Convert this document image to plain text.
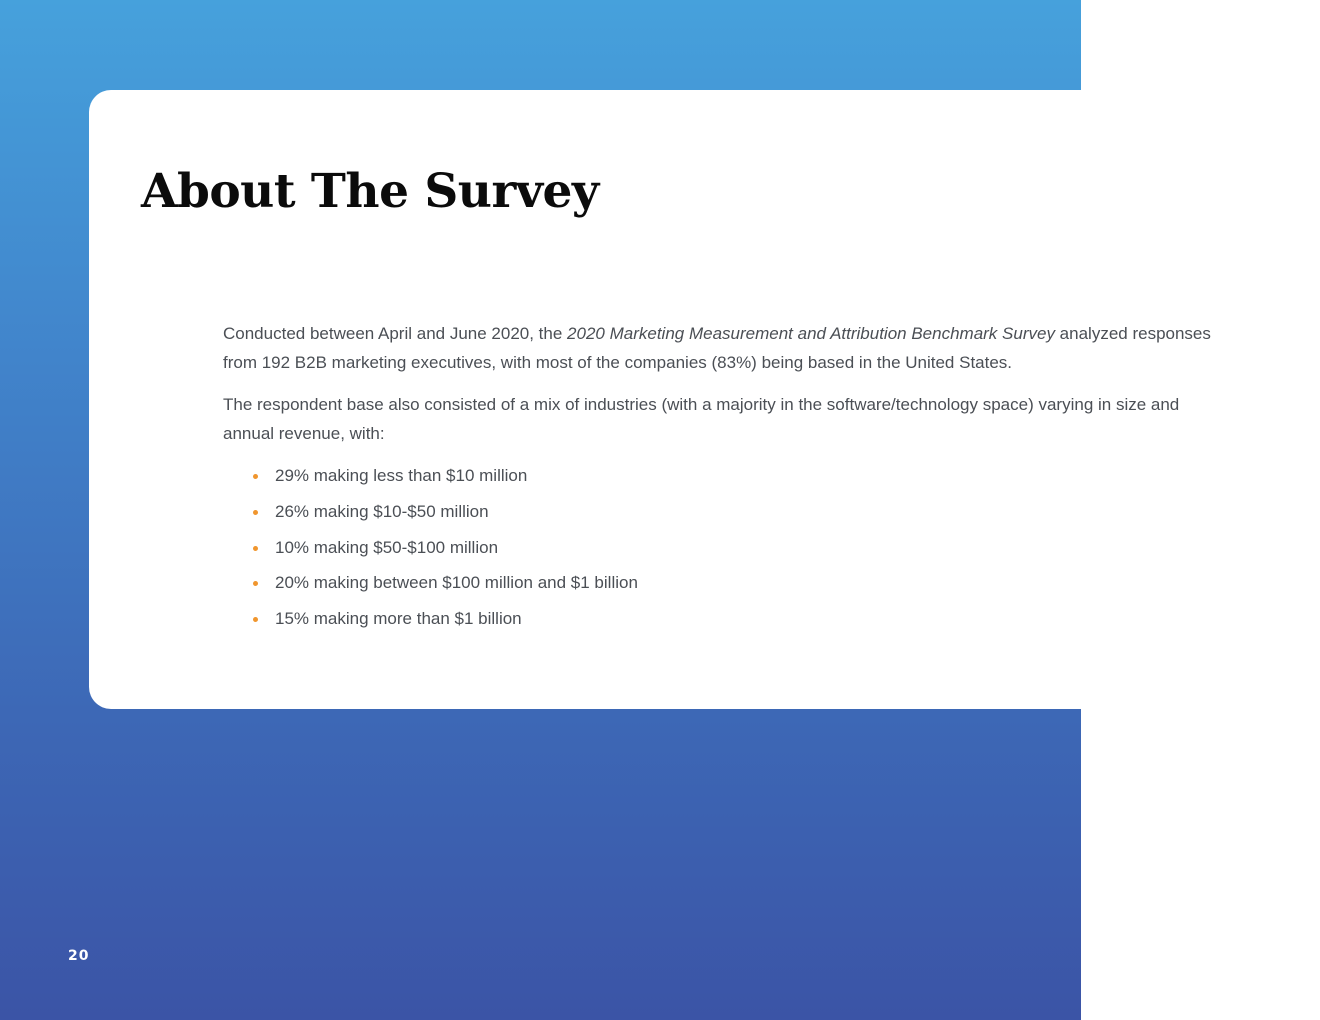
About The Survey

Conducted between April and June 2020, the 2020 Marketing Measurement and Attribution Benchmark Survey analyzed responses from 192 B2B marketing executives, with most of the companies (83%) being based in the United States.

The respondent base also consisted of a mix of industries (with a majority in the software/technology space) varying in size and annual revenue, with:

29% making less than $10 million
26% making $10-$50 million
10% making $50-$100 million
20% making between $100 million and $1 billion
15% making more than $1 billion
20
